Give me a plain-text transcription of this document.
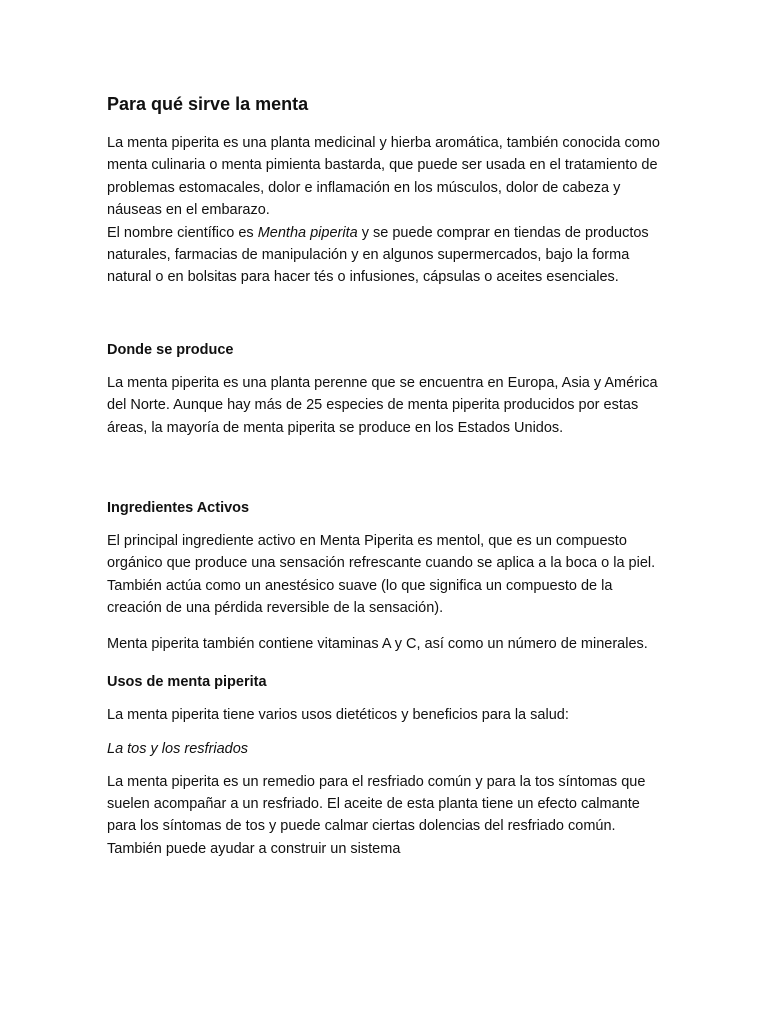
Para qué sirve la menta

La menta piperita es una planta medicinal y hierba aromática, también conocida como menta culinaria o menta pimienta bastarda, que puede ser usada en el tratamiento de problemas estomacales, dolor e inflamación en los músculos, dolor de cabeza y náuseas en el embarazo.

El nombre científico es Mentha piperita y se puede comprar en tiendas de productos naturales, farmacias de manipulación y en algunos supermercados, bajo la forma natural o en bolsitas para hacer tés o infusiones, cápsulas o aceites esenciales.

Donde se produce

La menta piperita es una planta perenne que se encuentra en Europa, Asia y América del Norte. Aunque hay más de 25 especies de menta piperita producidos por estas áreas, la mayoría de menta piperita se produce en los Estados Unidos.

Ingredientes Activos

El principal ingrediente activo en Menta Piperita es mentol, que es un compuesto orgánico que produce una sensación refrescante cuando se aplica a la boca o la piel. También actúa como un anestésico suave (lo que significa un compuesto de la creación de una pérdida reversible de la sensación).

Menta piperita también contiene vitaminas A y C, así como un número de minerales.

Usos de menta piperita

La menta piperita tiene varios usos dietéticos y beneficios para la salud:

La tos y los resfriados

La menta piperita es un remedio para el resfriado común y para la tos síntomas que suelen acompañar a un resfriado. El aceite de esta planta tiene un efecto calmante para los síntomas de tos y puede calmar ciertas dolencias del resfriado común. También puede ayudar a construir un sistema
